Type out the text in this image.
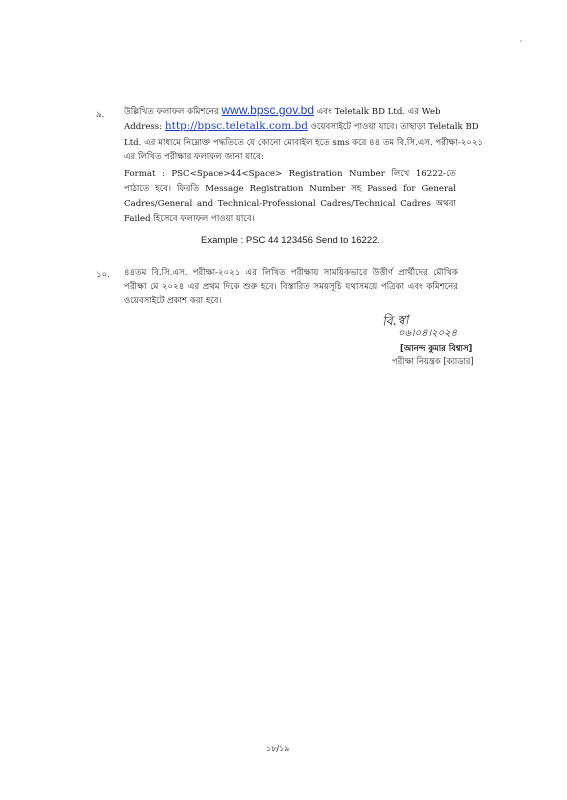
৯. উল্লিখিত ফলাফল কমিশনের www.bpsc.gov.bd এবং Teletalk BD Ltd. এর Web
Address: http://bpsc.teletalk.com.bd ওয়েবসাইটে পাওয়া যাবে। তাছাড়া Teletalk BD
Ltd. এর মাধ্যমে নিম্নোক্ত পদ্ধতিতে যে কোনো মোবাইল হতে sms করে ৪৪ তম বি.সি.এস. পরীক্ষা-২০২১
এর লিখিত পরীক্ষার ফলাফল জানা যাবে:
Format : PSC<Space>44<Space> Registration Number লিখে 16222-তে পাঠাতে হবে। ফিরতি Message Registration Number সহ Passed for General Cadres/General and Technical-Professional Cadres/Technical Cadres অথবা Failed হিসেবে ফলাফল পাওয়া যাবে।
Example : PSC 44 123456 Send to 16222.
১০. ৪৪তম বি.সি.এস. পরীক্ষা-২০২১ এর লিখিত পরীক্ষায় সাময়িকভাবে উত্তীর্ণ প্রার্থীদের মৌখিক পরীক্ষা মে ২০২৪ এর প্রথম দিকে শুরু হবে। বিস্তারিত সময়সূচি যথাসময়ে পত্রিকা এবং কমিশনের ওয়েবসাইটে প্রকাশ করা হবে।
বি.স্বা
০৬।০৪।২০২৪
[আনন্দ কুমার বিশ্বাস]
পরীক্ষা নিয়ন্ত্রক [ক্যাডার]
১৮/১৯
